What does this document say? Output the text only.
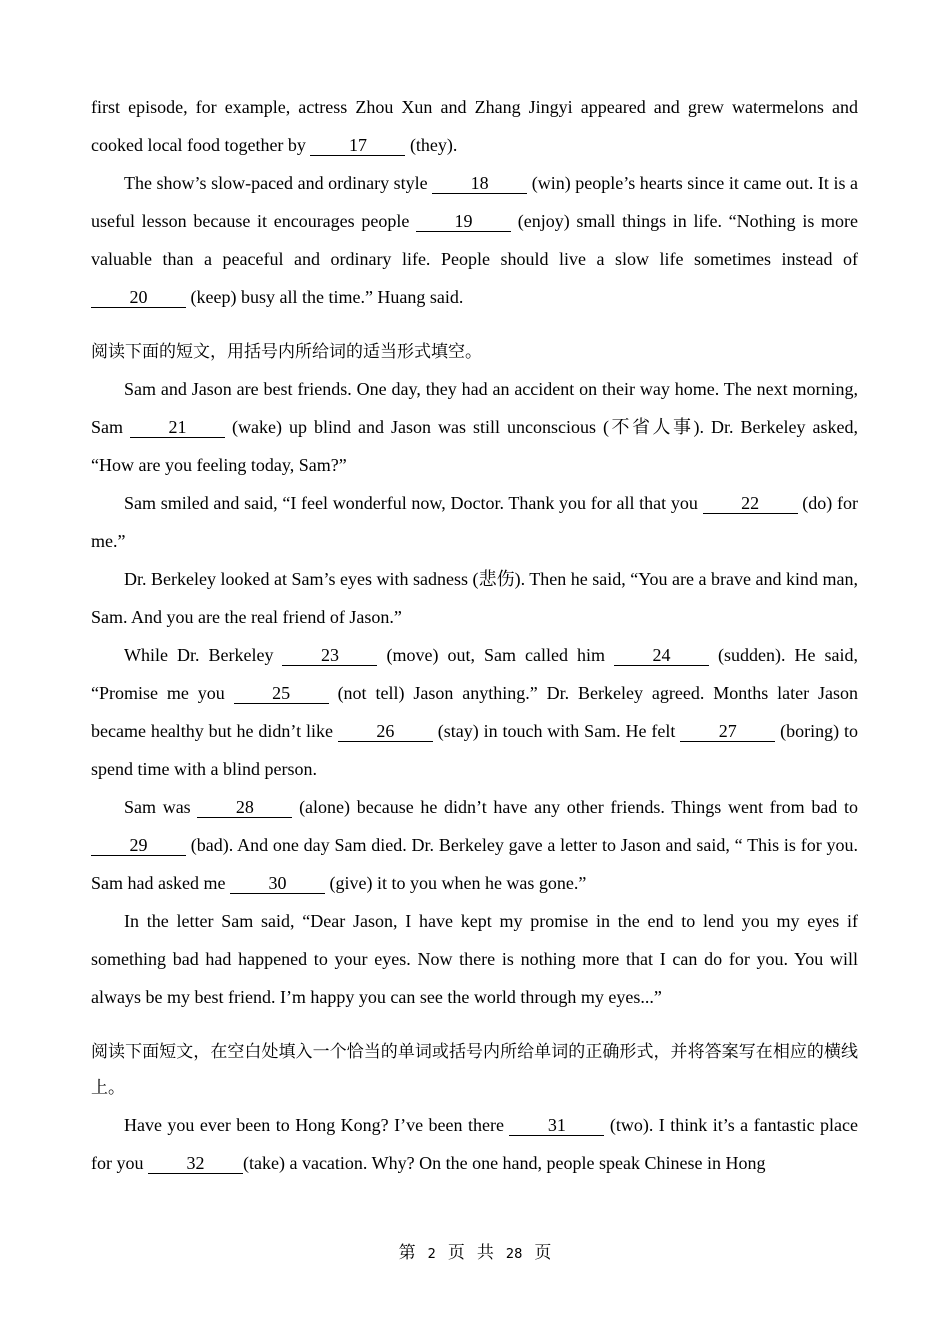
first episode, for example, actress Zhou Xun and Zhang Jingyi appeared and grew watermelons and cooked local food together by 17 (they).

The show’s slow-paced and ordinary style 18 (win) people’s hearts since it came out. It is a useful lesson because it encourages people 19 (enjoy) small things in life. “Nothing is more valuable than a peaceful and ordinary life. People should live a slow life sometimes instead of 20 (keep) busy all the time.” Huang said.

阅读下面的短文，用括号内所给词的适当形式填空。

Sam and Jason are best friends. One day, they had an accident on their way home. The next morning, Sam 21 (wake) up blind and Jason was still unconscious (不省人事). Dr. Berkeley asked, “How are you feeling today, Sam?”

Sam smiled and said, “I feel wonderful now, Doctor. Thank you for all that you 22 (do) for me.”

Dr. Berkeley looked at Sam’s eyes with sadness (悲伤). Then he said, “You are a brave and kind man, Sam. And you are the real friend of Jason.”

While Dr. Berkeley 23 (move) out, Sam called him 24 (sudden). He said, “Promise me you 25 (not tell) Jason anything.” Dr. Berkeley agreed. Months later Jason became healthy but he didn’t like 26 (stay) in touch with Sam. He felt 27 (boring) to spend time with a blind person.

Sam was 28 (alone) because he didn’t have any other friends. Things went from bad to 29 (bad). And one day Sam died. Dr. Berkeley gave a letter to Jason and said, “ This is for you. Sam had asked me 30 (give) it to you when he was gone.”

In the letter Sam said, “Dear Jason, I have kept my promise in the end to lend you my eyes if something bad had happened to your eyes. Now there is nothing more that I can do for you. You will always be my best friend. I’m happy you can see the world through my eyes...”

阅读下面短文，在空白处填入一个恰当的单词或括号内所给单词的正确形式，并将答案写在相应的横线上。

Have you ever been to Hong Kong? I’ve been there 31 (two). I think it’s a fantastic place for you 32 (take) a vacation. Why? On the one hand, people speak Chinese in Hong

第 2 页 共 28 页
